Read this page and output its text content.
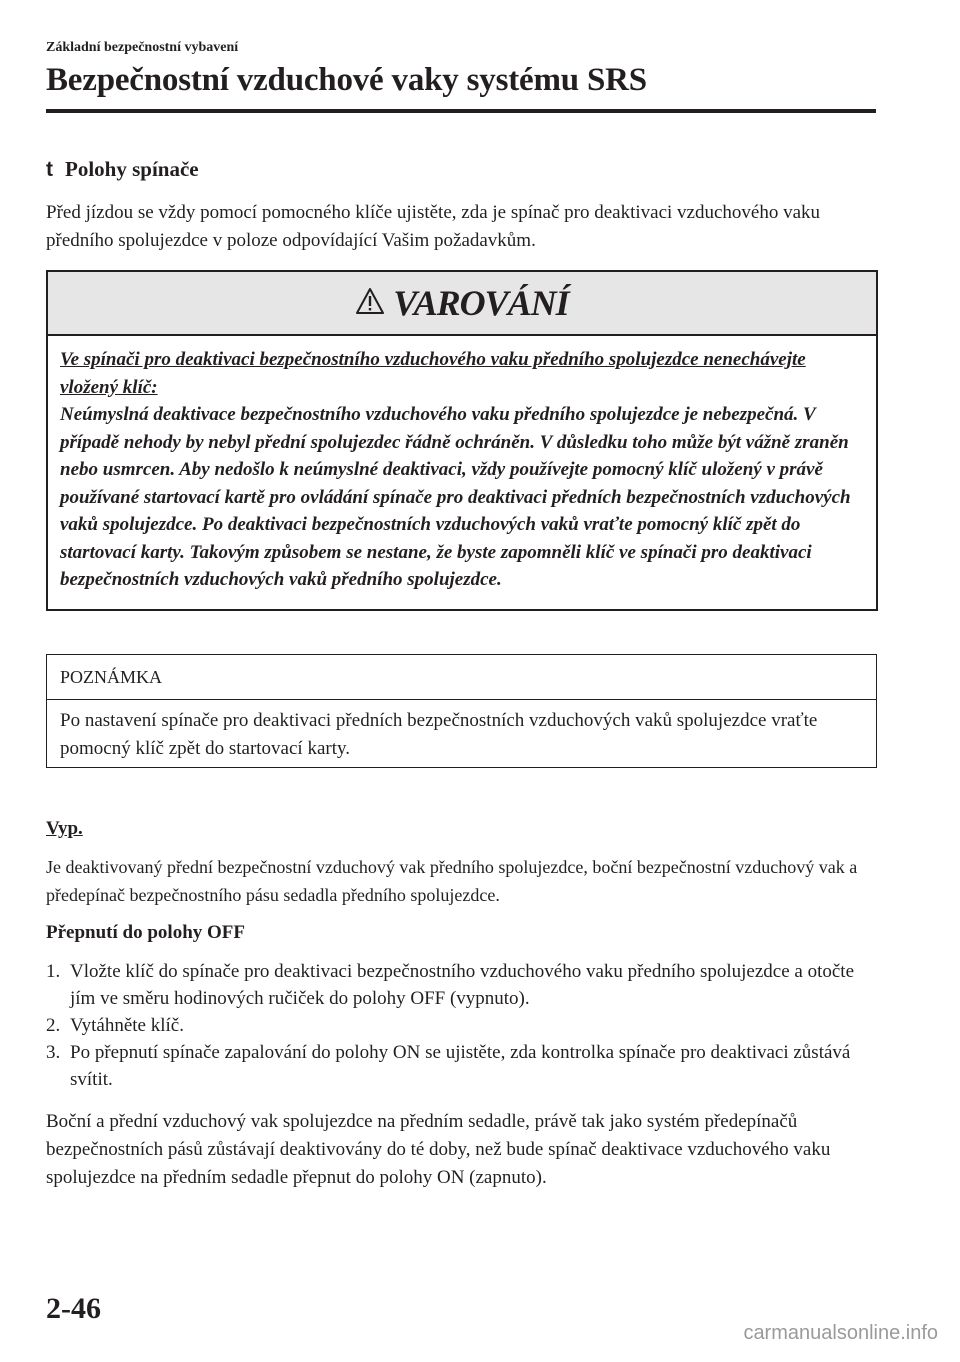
Základní bezpečnostní vybavení
Bezpečnostní vzduchové vaky systému SRS
t Polohy spínače

Před jízdou se vždy pomocí pomocného klíče ujistěte, zda je spínač pro deaktivaci vzduchového vaku předního spolujezdce v poloze odpovídající Vašim požadavkům.

VAROVÁNÍ
Ve spínači pro deaktivaci bezpečnostního vzduchového vaku předního spolujezdce nenechávejte vložený klíč:
Neúmyslná deaktivace bezpečnostního vzduchového vaku předního spolujezdce je nebezpečná. V případě nehody by nebyl přední spolujezdec řádně ochráněn. V důsledku toho může být vážně zraněn nebo usmrcen. Aby nedošlo k neúmyslné deaktivaci, vždy používejte pomocný klíč uložený v právě používané startovací kartě pro ovládání spínače pro deaktivaci předních bezpečnostních vzduchových vaků spolujezdce. Po deaktivaci bezpečnostních vzduchových vaků vraťte pomocný klíč zpět do startovací karty. Takovým způsobem se nestane, že byste zapomněli klíč ve spínači pro deaktivaci bezpečnostních vzduchových vaků předního spolujezdce.
POZNÁMKA
Po nastavení spínače pro deaktivaci předních bezpečnostních vzduchových vaků spolujezdce vraťte pomocný klíč zpět do startovací karty.
Vyp.

Je deaktivovaný přední bezpečnostní vzduchový vak předního spolujezdce, boční bezpečnostní vzduchový vak a předepínač bezpečnostního pásu sedadla předního spolujezdce.

Přepnutí do polohy OFF
1. Vložte klíč do spínače pro deaktivaci bezpečnostního vzduchového vaku předního spolujezdce a otočte jím ve směru hodinových ručiček do polohy OFF (vypnuto).
2. Vytáhněte klíč.
3. Po přepnutí spínače zapalování do polohy ON se ujistěte, zda kontrolka spínače pro deaktivaci zůstává svítit.

Boční a přední vzduchový vak spolujezdce na předním sedadle, právě tak jako systém předepínačů bezpečnostních pásů zůstávají deaktivovány do té doby, než bude spínač deaktivace vzduchového vaku spolujezdce na předním sedadle přepnut do polohy ON (zapnuto).

2-46
carmanualsonline.info
